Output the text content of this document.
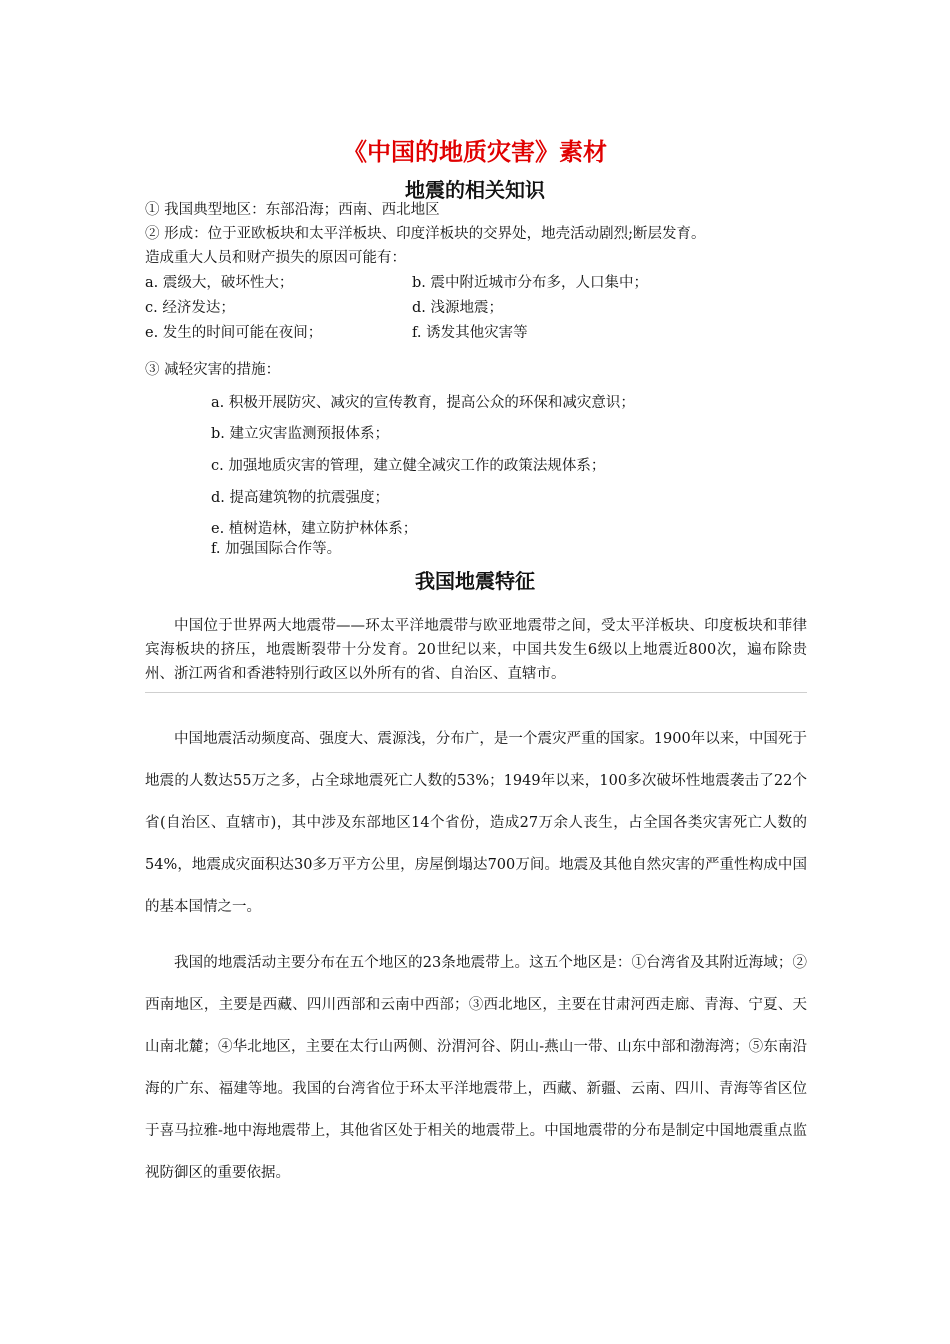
《中国的地质灾害》素材
地震的相关知识
① 我国典型地区：东部沿海；西南、西北地区
② 形成：位于亚欧板块和太平洋板块、印度洋板块的交界处，地壳活动剧烈;断层发育。
造成重大人员和财产损失的原因可能有：
a. 震级大，破坏性大；	b. 震中附近城市分布多，人口集中；
c. 经济发达；	d. 浅源地震；
e. 发生的时间可能在夜间；	f. 诱发其他灾害等
③ 减轻灾害的措施：
a. 积极开展防灾、减灾的宣传教育，提高公众的环保和减灾意识；
b. 建立灾害监测预报体系；
c. 加强地质灾害的管理，建立健全减灾工作的政策法规体系；
d. 提高建筑物的抗震强度；
e. 植树造林，建立防护林体系；
f. 加强国际合作等。
我国地震特征

中国位于世界两大地震带——环太平洋地震带与欧亚地震带之间，受太平洋板块、印度板块和菲律宾海板块的挤压，地震断裂带十分发育。20世纪以来，中国共发生6级以上地震近800次，遍布除贵州、浙江两省和香港特别行政区以外所有的省、自治区、直辖市。

中国地震活动频度高、强度大、震源浅，分布广，是一个震灾严重的国家。1900年以来，中国死于地震的人数达55万之多，占全球地震死亡人数的53%；1949年以来，100多次破坏性地震袭击了22个省(自治区、直辖市)，其中涉及东部地区14个省份，造成27万余人丧生，占全国各类灾害死亡人数的54%，地震成灾面积达30多万平方公里，房屋倒塌达700万间。地震及其他自然灾害的严重性构成中国的基本国情之一。

我国的地震活动主要分布在五个地区的23条地震带上。这五个地区是：①台湾省及其附近海域；②西南地区，主要是西藏、四川西部和云南中西部；③西北地区，主要在甘肃河西走廊、青海、宁夏、天山南北麓；④华北地区，主要在太行山两侧、汾渭河谷、阴山-燕山一带、山东中部和渤海湾；⑤东南沿海的广东、福建等地。我国的台湾省位于环太平洋地震带上，西藏、新疆、云南、四川、青海等省区位于喜马拉雅-地中海地震带上，其他省区处于相关的地震带上。中国地震带的分布是制定中国地震重点监视防御区的重要依据。
